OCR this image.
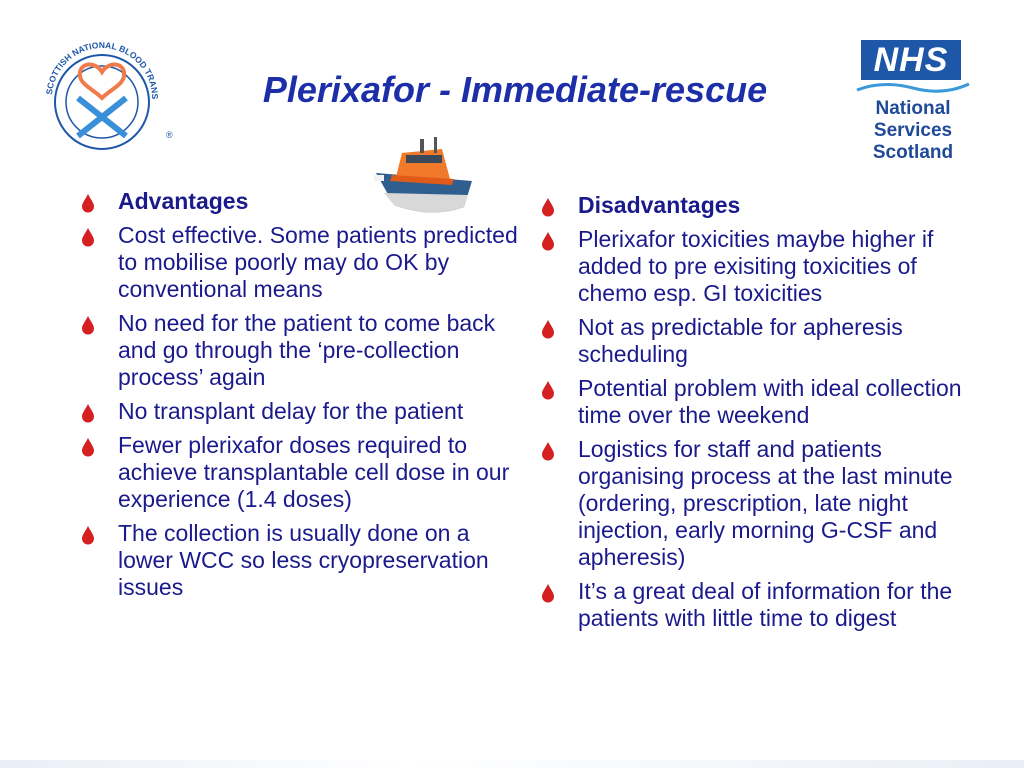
SCOTTISH NATIONAL BLOOD TRANS
®
Plerixafor - Immediate-rescue
NHS
National
Services
Scotland
Advantages
Cost effective. Some patients predicted to mobilise poorly may do OK by conventional means
No need for the patient to come back and go through the ‘pre-collection process’ again
No transplant delay for the patient
Fewer plerixafor doses required to achieve transplantable cell dose in our experience (1.4 doses)
The collection is usually done on a lower WCC so less cryopreservation issues
Disadvantages
Plerixafor toxicities maybe higher if added to pre exisiting toxicities of chemo esp. GI toxicities
Not as predictable for apheresis scheduling
Potential problem with ideal collection time over the weekend
Logistics for staff and patients organising process at the last minute (ordering, prescription, late night injection, early morning G-CSF and apheresis)
It’s a great deal of information for the patients with little time to digest
